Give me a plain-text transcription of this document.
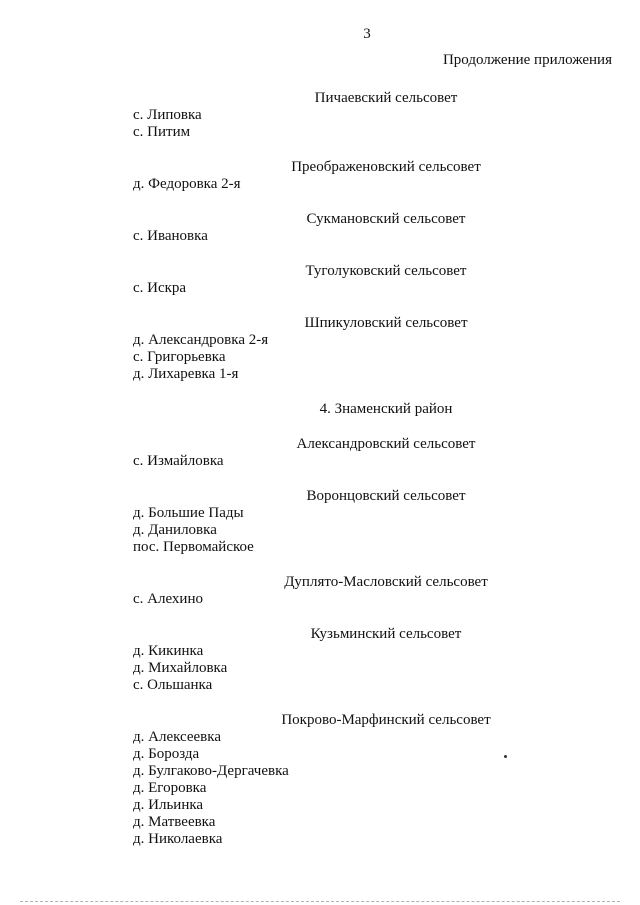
3
Продолжение приложения
Пичаевский сельсовет
с. Липовка
с. Питим
Преображеновский сельсовет
д. Федоровка 2-я
Сукмановский сельсовет
с. Ивановка
Туголуковский сельсовет
с. Искра
Шпикуловский сельсовет
д. Александровка 2-я
с. Григорьевка
д. Лихаревка 1-я
4. Знаменский район
Александровский сельсовет
с. Измайловка
Воронцовский сельсовет
д. Большие Пады
д. Даниловка
пос. Первомайское
Дуплято-Масловский сельсовет
с. Алехино
Кузьминский сельсовет
д. Кикинка
д. Михайловка
с. Ольшанка
Покрово-Марфинский сельсовет
д. Алексеевка
д. Борозда
д. Булгаково-Дергачевка
д. Егоровка
д. Ильинка
д. Матвеевка
д. Николаевка
